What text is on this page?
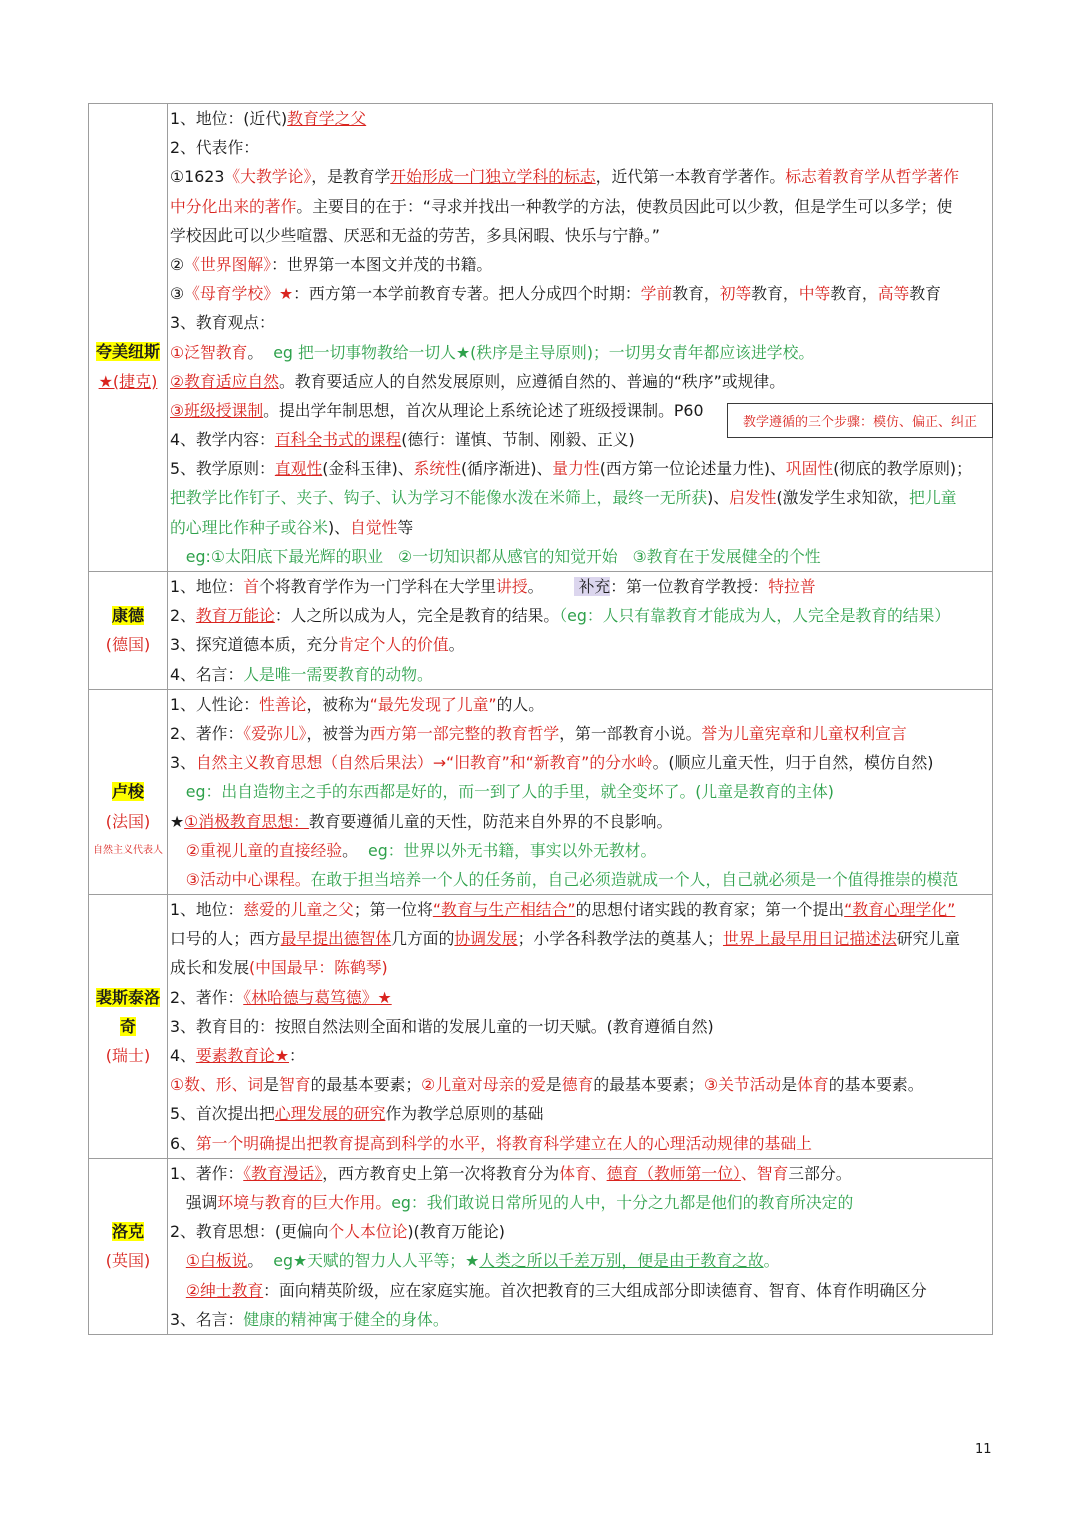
夸美纽斯
★(捷克)
1、地位：(近代)教育学之父
2、代表作：
①1623《大教学论》，是教育学开始形成一门独立学科的标志，近代第一本教育学著作。标志着教育学从哲学著作
中分化出来的著作。主要目的在于：“寻求并找出一种教学的方法，使教员因此可以少教，但是学生可以多学；使
学校因此可以少些喧嚣、厌恶和无益的劳苦，多具闲暇、快乐与宁静。”
②《世界图解》：世界第一本图文并茂的书籍。
③《母育学校》★：西方第一本学前教育专著。把人分成四个时期：学前教育，初等教育，中等教育，高等教育
3、教育观点：
①泛智教育。  eg 把一切事物教给一切人★(秩序是主导原则)；一切男女青年都应该进学校。
②教育适应自然。教育要适应人的自然发展原则，应遵循自然的、普遍的“秩序”或规律。
③班级授课制。提出学年制思想，首次从理论上系统论述了班级授课制。P60
4、教学内容：百科全书式的课程(德行：谨慎、节制、刚毅、正义)
5、教学原则：直观性(金科玉律)、系统性(循序渐进)、量力性(西方第一位论述量力性)、巩固性(彻底的教学原则)；
把教学比作钉子、夹子、钩子、认为学习不能像水泼在米筛上，最终一无所获)、启发性(激发学生求知欲，把儿童
的心理比作种子或谷米)、自觉性等
　eg:①太阳底下最光辉的职业   ②一切知识都从感官的知觉开始   ③教育在于发展健全的个性
教学遵循的三个步骤：模仿、偏正、纠正
康德
(德国)
1、地位：首个将教育学作为一门学科在大学里讲授。       补充：第一位教育学教授：特拉普
2、教育万能论：人之所以成为人，完全是教育的结果。（eg：人只有靠教育才能成为人，人完全是教育的结果）
3、探究道德本质，充分肯定个人的价值。
4、名言：人是唯一需要教育的动物。
卢梭
(法国)
自然主义代表人
1、人性论：性善论，被称为“最先发现了儿童”的人。
2、著作：《爱弥儿》，被誉为西方第一部完整的教育哲学，第一部教育小说。誉为儿童宪章和儿童权利宣言
3、自然主义教育思想（自然后果法）→“旧教育”和“新教育”的分水岭。(顺应儿童天性，归于自然，模仿自然)
　eg：出自造物主之手的东西都是好的，而一到了人的手里，就全变坏了。(儿童是教育的主体)
★①消极教育思想：教育要遵循儿童的天性，防范来自外界的不良影响。
　②重视儿童的直接经验。  eg：世界以外无书籍，事实以外无教材。
　③活动中心课程。在敢于担当培养一个人的任务前，自己必须造就成一个人，自己就必须是一个值得推崇的模范
裴斯泰洛奇
(瑞士)
1、地位：慈爱的儿童之父；第一位将“教育与生产相结合”的思想付诸实践的教育家；第一个提出“教育心理学化”
口号的人；西方最早提出德智体几方面的协调发展；小学各科教学法的奠基人；世界上最早用日记描述法研究儿童
成长和发展(中国最早：陈鹤琴)
2、著作：《林哈德与葛笃德》★
3、教育目的：按照自然法则全面和谐的发展儿童的一切天赋。(教育遵循自然)
4、要素教育论★：
①数、形、词是智育的最基本要素；②儿童对母亲的爱是德育的最基本要素；③关节活动是体育的基本要素。
5、首次提出把心理发展的研究作为教学总原则的基础
6、第一个明确提出把教育提高到科学的水平，将教育科学建立在人的心理活动规律的基础上
洛克
(英国)
1、著作：《教育漫话》，西方教育史上第一次将教育分为体育、德育（教师第一位）、智育三部分。
　强调环境与教育的巨大作用。eg：我们敢说日常所见的人中，十分之九都是他们的教育所决定的
2、教育思想：(更偏向个人本位论)(教育万能论)
　①白板说。  eg★天赋的智力人人平等；★人类之所以千差万别，便是由于教育之故。
　②绅士教育：面向精英阶级，应在家庭实施。首次把教育的三大组成部分即读德育、智育、体育作明确区分
3、名言：健康的精神寓于健全的身体。
11
